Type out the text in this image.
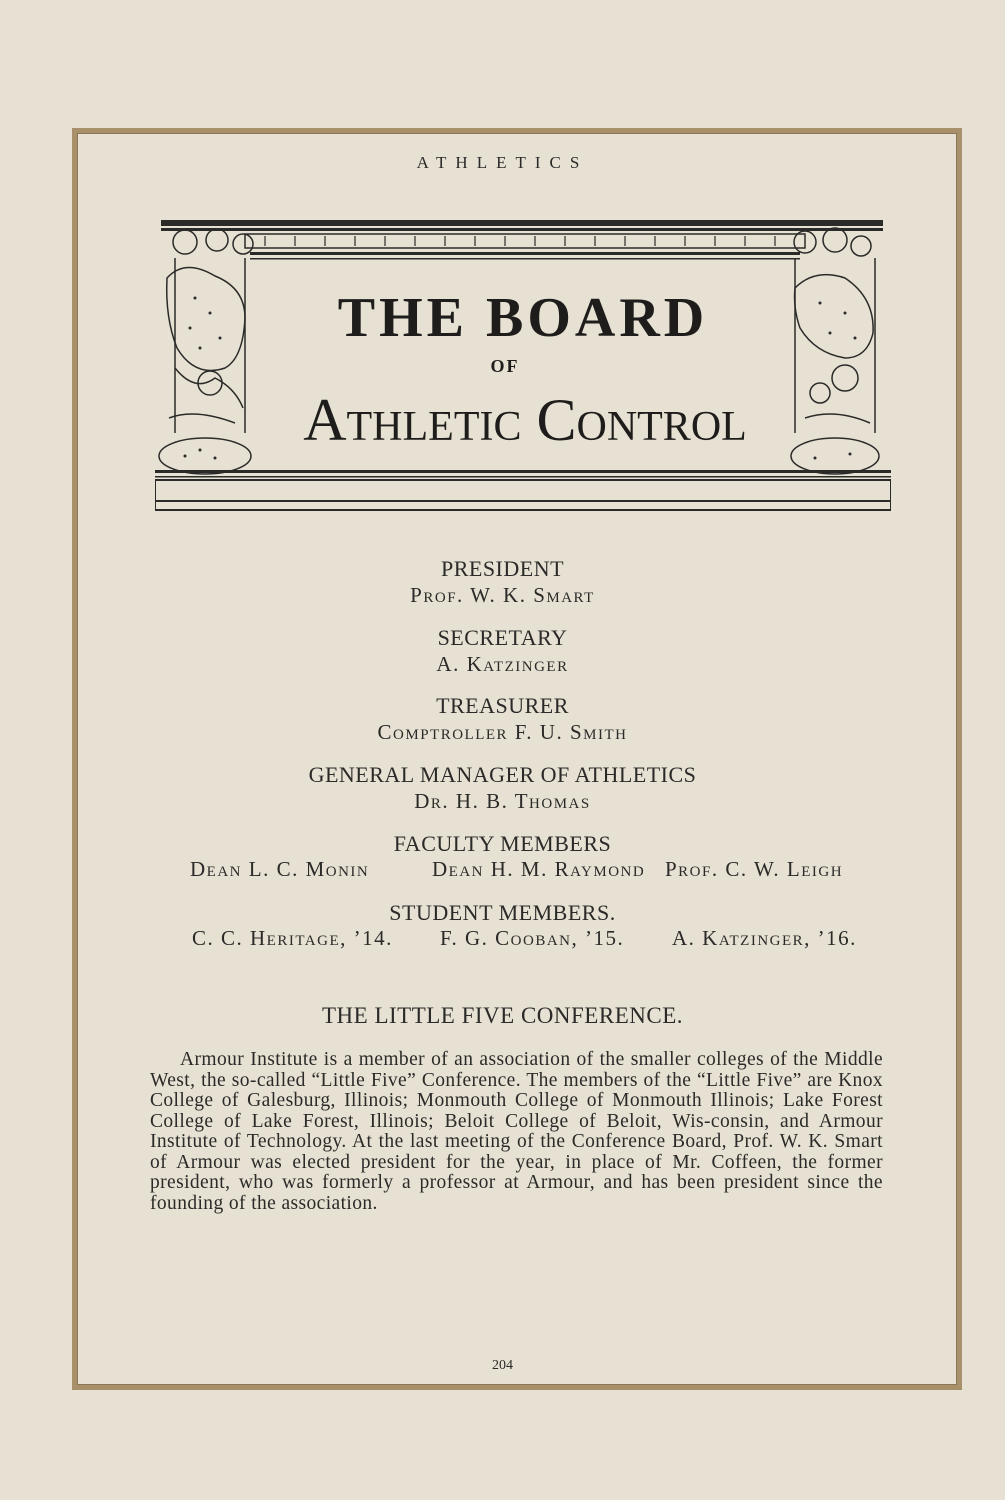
ATHLETICS
THE BOARD
OF
Athletic Control
PRESIDENT
Prof. W. K. Smart
SECRETARY
A. Katzinger
TREASURER
Comptroller F. U. Smith
GENERAL MANAGER OF ATHLETICS
Dr. H. B. Thomas
FACULTY MEMBERS
Dean L. C. Monin	Dean H. M. Raymond Prof. C. W. Leigh
STUDENT MEMBERS.
C. C. Heritage, ’14. F. G. Cooban, ’15. A. Katzinger, ’16.
THE LITTLE FIVE CONFERENCE.
Armour Institute is a member of an association of the smaller colleges of the Middle West, the so-called “Little Five” Conference. The members of the “Little Five” are Knox College of Galesburg, Illinois; Monmouth College of Monmouth Illinois; Lake Forest College of Lake Forest, Illinois; Beloit College of Beloit, Wis-consin, and Armour Institute of Technology. At the last meeting of the Conference Board, Prof. W. K. Smart of Armour was elected president for the year, in place of Mr. Coffeen, the former president, who was formerly a professor at Armour, and has been president since the founding of the association.
204
